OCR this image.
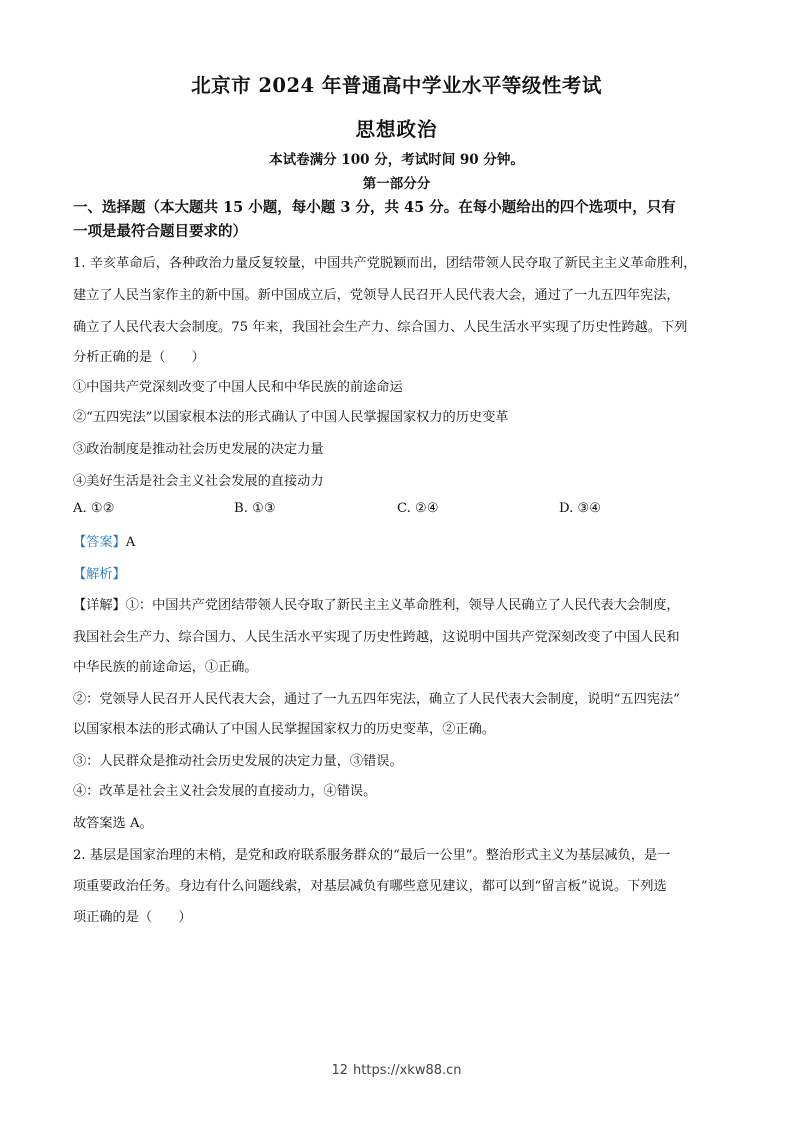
北京市 2024 年普通高中学业水平等级性考试
思想政治
本试卷满分 100 分，考试时间 90 分钟。
第一部分分
一、选择题（本大题共 15 小题，每小题 3 分，共 45 分。在每小题给出的四个选项中，只有
一项是最符合题目要求的）
1. 辛亥革命后，各种政治力量反复较量，中国共产党脱颖而出，团结带领人民夺取了新民主主义革命胜利，
建立了人民当家作主的新中国。新中国成立后，党领导人民召开人民代表大会，通过了一九五四年宪法，
确立了人民代表大会制度。75 年来，我国社会生产力、综合国力、人民生活水平实现了历史性跨越。下列
分析正确的是（　　）
①中国共产党深刻改变了中国人民和中华民族的前途命运
②“五四宪法”以国家根本法的形式确认了中国人民掌握国家权力的历史变革
③政治制度是推动社会历史发展的决定力量
④美好生活是社会主义社会发展的直接动力
A. ①②	B. ①③	C. ②④	D. ③④
【答案】A
【解析】
【详解】①：中国共产党团结带领人民夺取了新民主主义革命胜利，领导人民确立了人民代表大会制度，
我国社会生产力、综合国力、人民生活水平实现了历史性跨越，这说明中国共产党深刻改变了中国人民和
中华民族的前途命运，①正确。
②：党领导人民召开人民代表大会，通过了一九五四年宪法，确立了人民代表大会制度，说明“五四宪法”
以国家根本法的形式确认了中国人民掌握国家权力的历史变革，②正确。
③：人民群众是推动社会历史发展的决定力量，③错误。
④：改革是社会主义社会发展的直接动力，④错误。
故答案选 A。
2. 基层是国家治理的末梢，是党和政府联系服务群众的“最后一公里”。整治形式主义为基层减负，是一
项重要政治任务。身边有什么问题线索，对基层减负有哪些意见建议，都可以到“留言板”说说。下列选
项正确的是（　　）
12 https://xkw88.cn
